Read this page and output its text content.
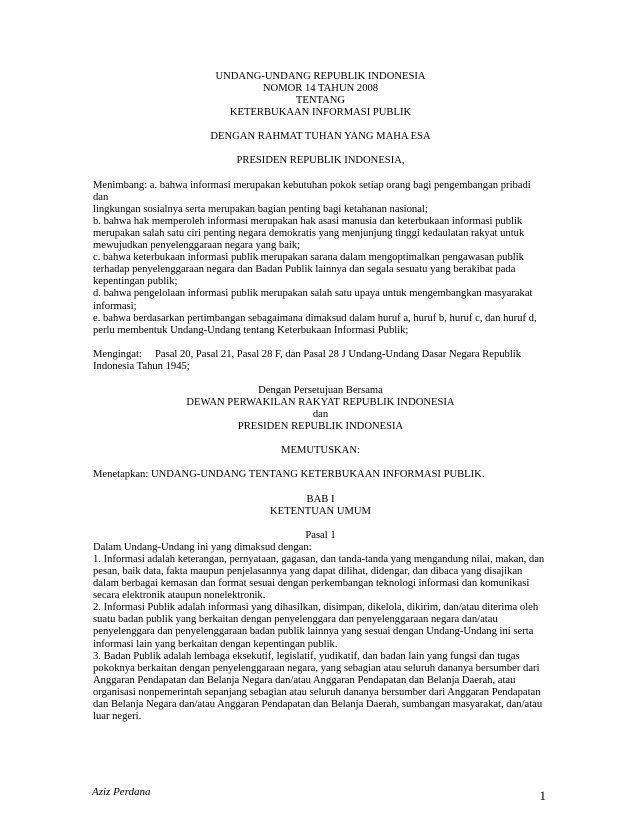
UNDANG-UNDANG REPUBLIK INDONESIA
NOMOR 14 TAHUN 2008
TENTANG
KETERBUKAAN INFORMASI PUBLIK
DENGAN RAHMAT TUHAN YANG MAHA ESA
PRESIDEN REPUBLIK INDONESIA,
Menimbang: a. bahwa informasi merupakan kebutuhan pokok setiap orang bagi pengembangan pribadi dan
lingkungan sosialnya serta merupakan bagian penting bagi ketahanan nasional;
b. bahwa hak memperoleh informasi merupakan hak asasi manusia dan keterbukaan informasi publik
merupakan salah satu ciri penting negara demokratis yang menjunjung tinggi kedaulatan rakyat untuk
mewujudkan penyelenggaraan negara yang baik;
c. bahwa keterbukaan informasi publik merupakan sarana dalam mengoptimalkan pengawasan publik
terhadap penyelenggaraan negara dan Badan Publik lainnya dan segala sesuatu yang berakibat pada
kepentingan publik;
d. bahwa pengelolaan informasi publik merupakan salah satu upaya untuk mengembangkan masyarakat
informasi;
e. bahwa berdasarkan pertimbangan sebagaimana dimaksud dalam huruf a, huruf b, huruf c, dan huruf d,
perlu membentuk Undang-Undang tentang Keterbukaan Informasi Publik;
Mengingat: Pasal 20, Pasal 21, Pasal 28 F, dan Pasal 28 J Undang-Undang Dasar Negara Republik
Indonesia Tahun 1945;
Dengan Persetujuan Bersama
DEWAN PERWAKILAN RAKYAT REPUBLIK INDONESIA
dan
PRESIDEN REPUBLIK INDONESIA
MEMUTUSKAN:
Menetapkan: UNDANG-UNDANG TENTANG KETERBUKAAN INFORMASI PUBLIK.
BAB I
KETENTUAN UMUM
Pasal 1
Dalam Undang-Undang ini yang dimaksud dengan:
1. Informasi adalah keterangan, pernyataan, gagasan, dan tanda-tanda yang mengandung nilai, makan, dan
pesan, baik data, fakta maupun penjelasannya yang dapat dilihat, didengar, dan dibaca yang disajikan
dalam berbagai kemasan dan format sesuai dengan perkembangan teknologi informasi dan komunikasi
secara elektronik ataupun nonelektronik.
2. Informasi Publik adalah informasi yang dihasilkan, disimpan, dikelola, dikirim, dan/atau diterima oleh
suatu badan publik yang berkaitan dengan penyelenggara dan penyelenggaraan negara dan/atau
penyelenggara dan penyelenggaraan badan publik lainnya yang sesuai dengan Undang-Undang ini serta
informasi lain yang berkaitan dengan kepentingan publik.
3. Badan Publik adalah lembaga eksekutif, legislatif, yudikatif, dan badan lain yang fungsi dan tugas
pokoknya berkaitan dengan penyelenggaraan negara, yang sebagian atau seluruh dananya bersumber dari
Anggaran Pendapatan dan Belanja Negara dan/atau Anggaran Pendapatan dan Belanja Daerah, atau
organisasi nonpemerintah sepanjang sebagian atau seluruh dananya bersumber dari Anggaran Pendapatan
dan Belanja Negara dan/atau Anggaran Pendapatan dan Belanja Daerah, sumbangan masyarakat, dan/atau
luar negeri.
Aziz Perdana	1
